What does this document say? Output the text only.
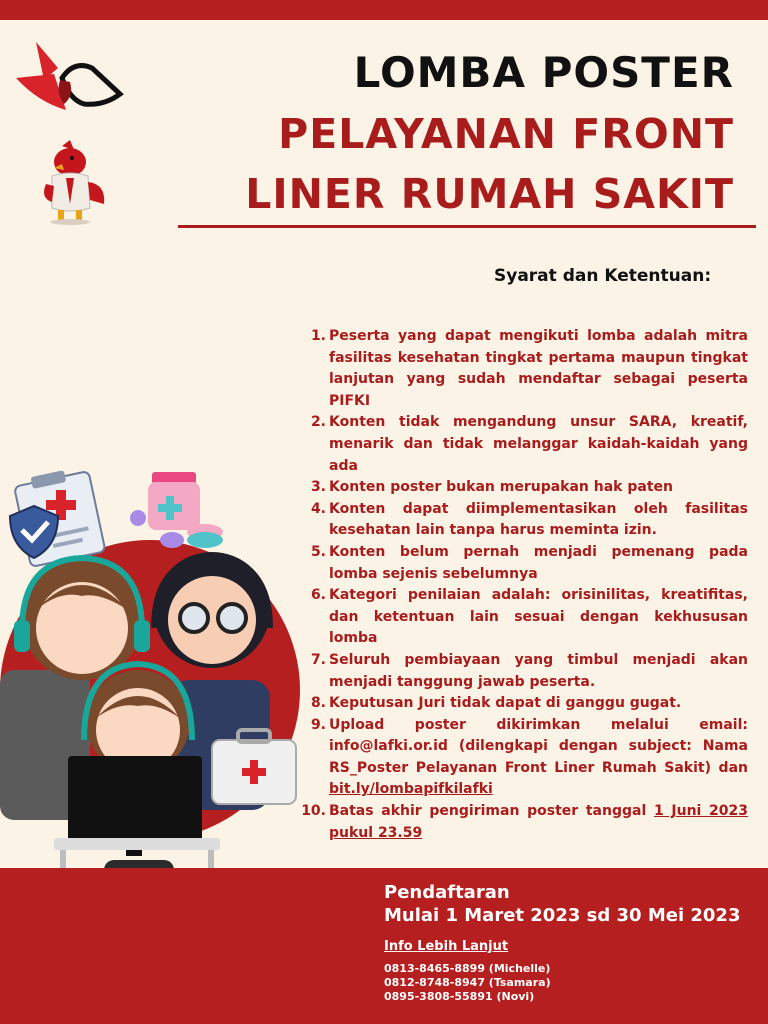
LOMBA POSTER
PELAYANAN FRONT
LINER RUMAH SAKIT
Syarat dan Ketentuan:
1. Peserta yang dapat mengikuti lomba adalah mitra fasilitas kesehatan tingkat pertama maupun tingkat lanjutan yang sudah mendaftar sebagai peserta PIFKI
2. Konten tidak mengandung unsur SARA, kreatif, menarik dan tidak melanggar kaidah-kaidah yang ada
3. Konten poster bukan merupakan hak paten
4. Konten dapat diimplementasikan oleh fasilitas kesehatan lain tanpa harus meminta izin.
5. Konten belum pernah menjadi pemenang pada lomba sejenis sebelumnya
6. Kategori penilaian adalah: orisinilitas, kreatifitas, dan ketentuan lain sesuai dengan kekhususan lomba
7. Seluruh pembiayaan yang timbul menjadi akan menjadi tanggung jawab peserta.
8. Keputusan Juri tidak dapat di ganggu gugat.
9. Upload poster dikirimkan melalui email: info@lafki.or.id (dilengkapi dengan subject: Nama RS_Poster Pelayanan Front Liner Rumah Sakit) dan bit.ly/lombapifkilafki
10. Batas akhir pengiriman poster tanggal 1 Juni 2023 pukul 23.59

Pendaftaran

Mulai 1 Maret 2023 sd 30 Mei 2023

Info Lebih Lanjut

0813-8465-8899 (Michelle)

0812-8748-8947 (Tsamara)

0895-3808-55891 (Novi)
